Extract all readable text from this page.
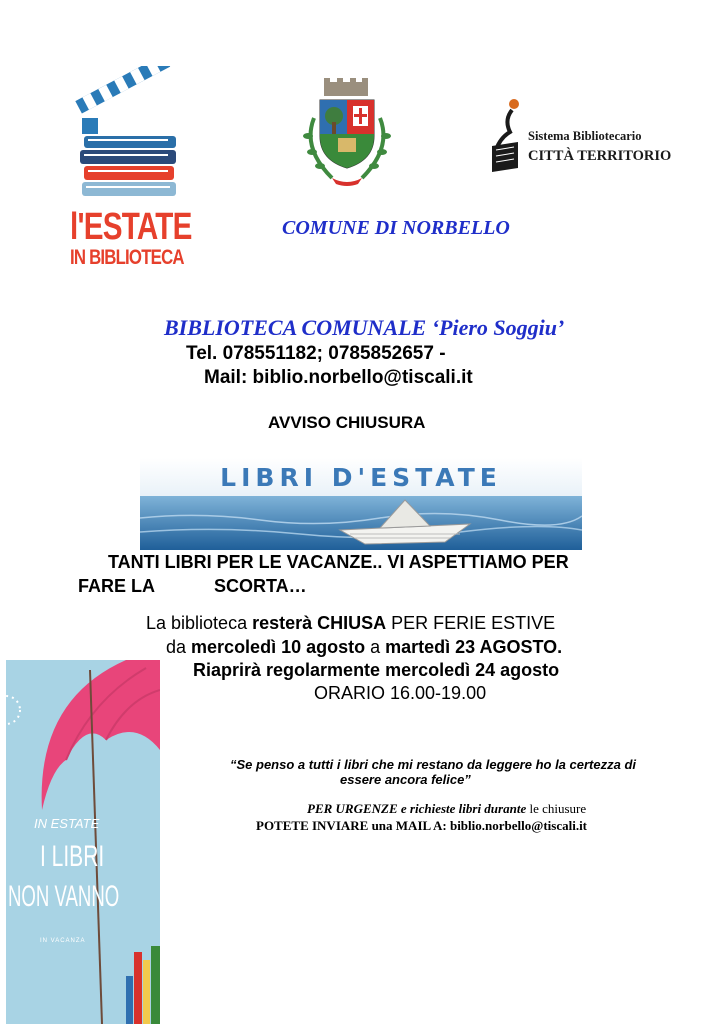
l'ESTATE
IN BIBLIOTECA
Sistema Bibliotecario
CITTÀ TERRITORIO
COMUNE DI NORBELLO
BIBLIOTECA COMUNALE ‘Piero Soggiu’
Tel. 078551182; 0785852657 -
Mail: biblio.norbello@tiscali.it
AVVISO CHIUSURA
LIBRI D'ESTATE
TANTI LIBRI PER LE VACANZE.. VI ASPETTIAMO PER
FARE LA	SCORTA…
La biblioteca resterà CHIUSA PER FERIE ESTIVE
da mercoledì 10 agosto a martedì 23 AGOSTO.
Riaprirà regolarmente mercoledì 24 agosto
ORARIO 16.00-19.00
“Se penso a tutti i libri che mi restano da leggere ho la certezza di
essere ancora felice”
PER URGENZE e richieste libri durante le chiusure
POTETE INVIARE una MAIL A: biblio.norbello@tiscali.it
IN ESTATE
I LIBRI
NON VANNO
IN VACANZA
